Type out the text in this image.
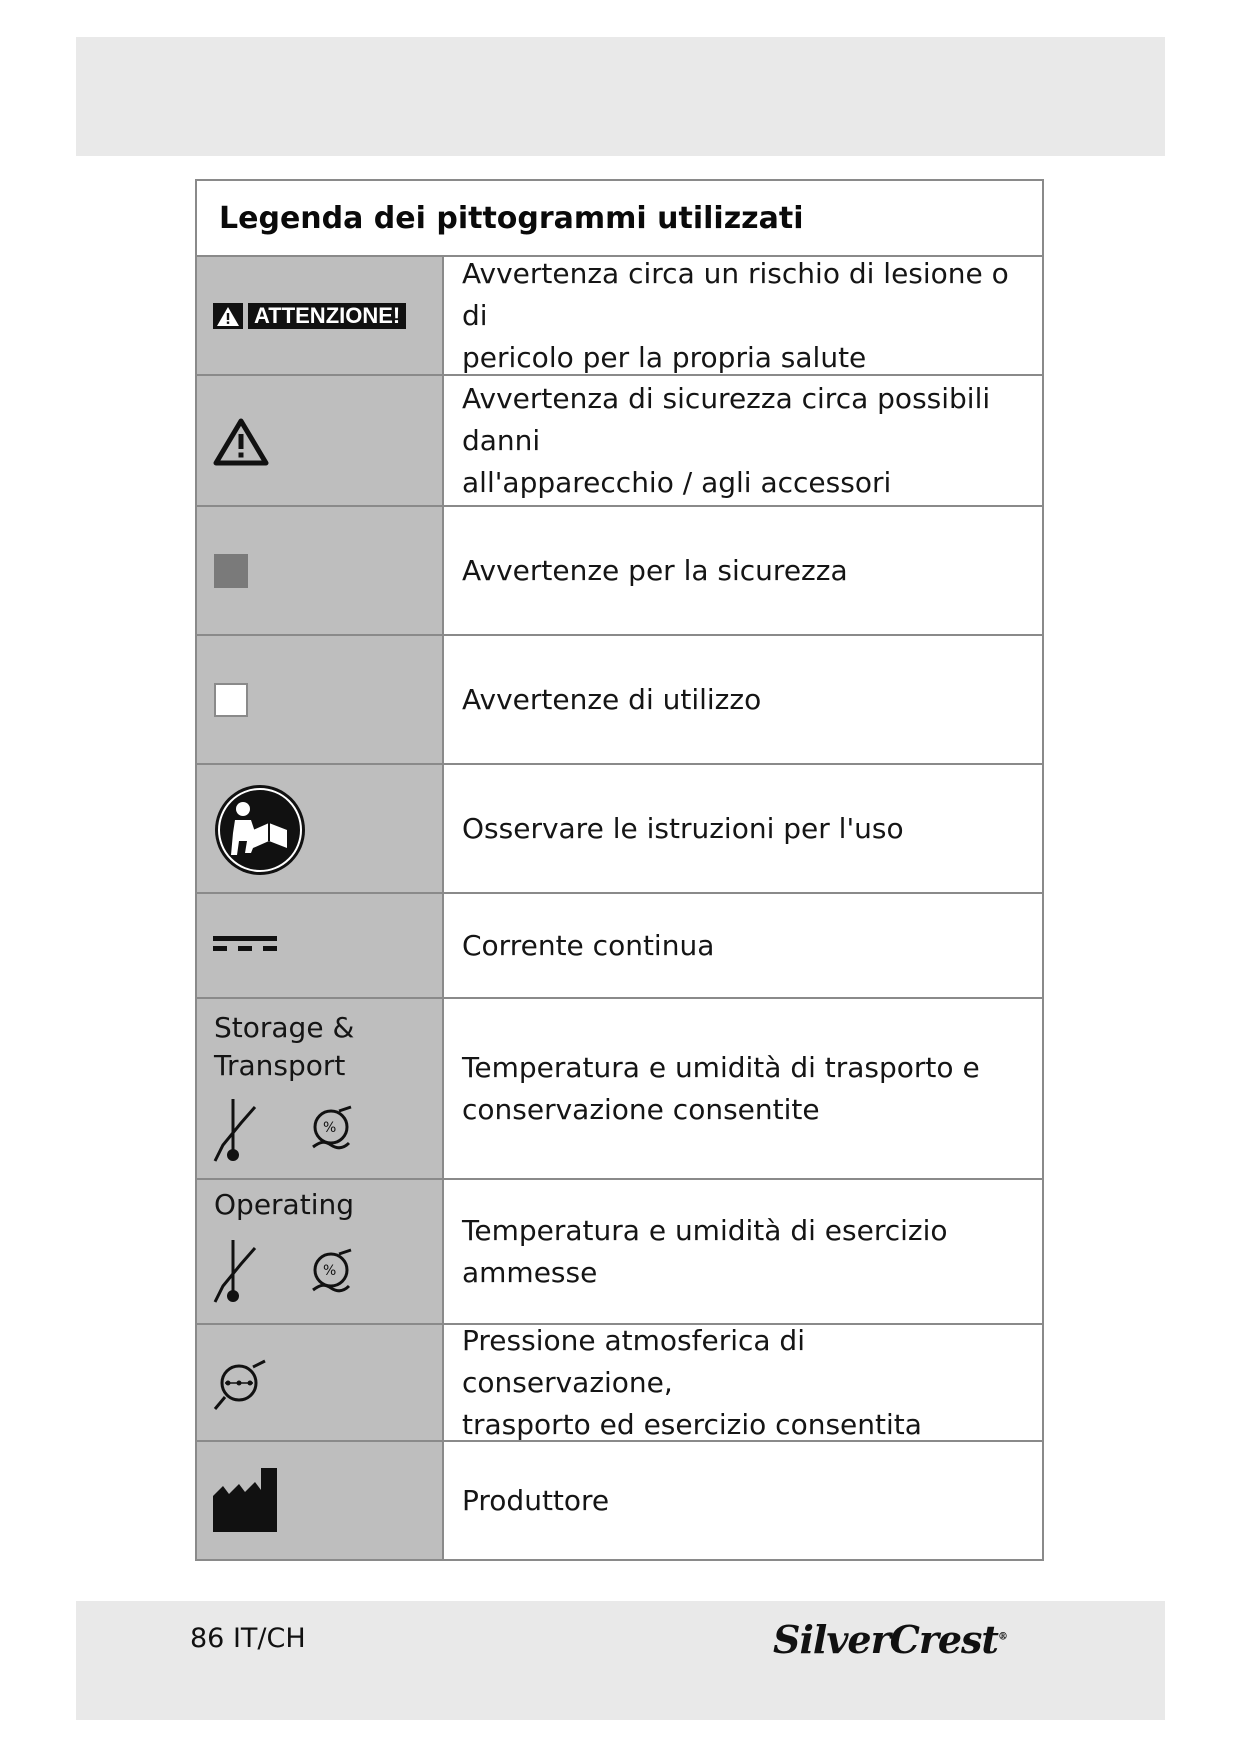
Legenda dei pittogrammi utilizzati
ATTENZIONE!
Avvertenza circa un rischio di lesione o di
pericolo per la propria salute
Avvertenza di sicurezza circa possibili danni
all'apparecchio / agli accessori
Avvertenze per la sicurezza
Avvertenze di utilizzo
Osservare le istruzioni per l'uso
Corrente continua
Storage &
Transport
%
Temperatura e umidità di trasporto e
conservazione consentite
Operating
%
Temperatura e umidità di esercizio ammesse
Pressione atmosferica di conservazione,
trasporto ed esercizio consentita
Produttore
86 IT/CH	SilverCrest®
